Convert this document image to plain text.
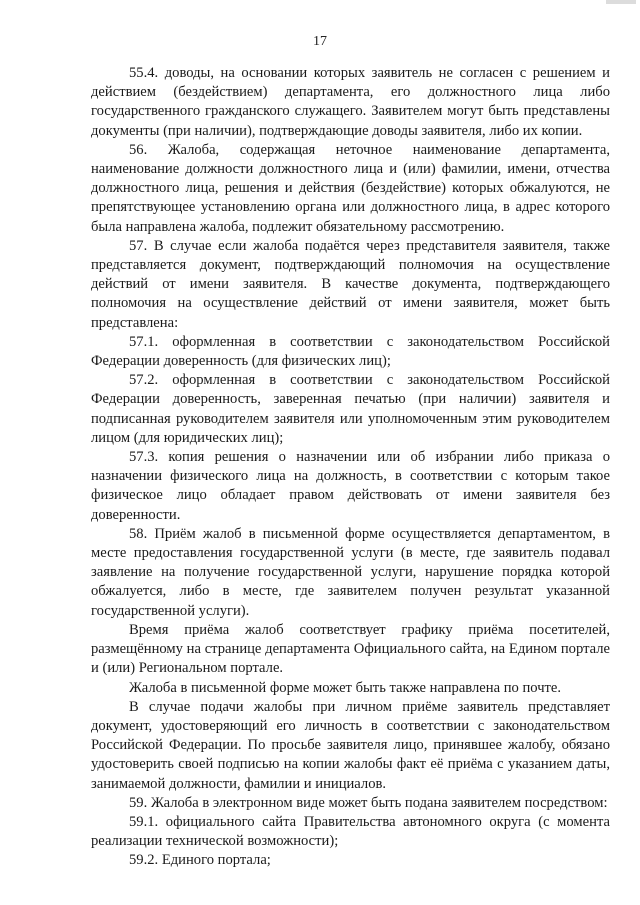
17

55.4. доводы, на основании которых заявитель не согласен с решением и действием (бездействием) департамента, его должностного лица либо государственного гражданского служащего. Заявителем могут быть представлены документы (при наличии), подтверждающие доводы заявителя, либо их копии.

56. Жалоба, содержащая неточное наименование департамента, наименование должности должностного лица и (или) фамилии, имени, отчества должностного лица, решения и действия (бездействие) которых обжалуются, не препятствующее установлению органа или должностного лица, в адрес которого была направлена жалоба, подлежит обязательному рассмотрению.

57. В случае если жалоба подаётся через представителя заявителя, также представляется документ, подтверждающий полномочия на осуществление действий от имени заявителя. В качестве документа, подтверждающего полномочия на осуществление действий от имени заявителя, может быть представлена:

57.1. оформленная в соответствии с законодательством Российской Федерации доверенность (для физических лиц);

57.2. оформленная в соответствии с законодательством Российской Федерации доверенность, заверенная печатью (при наличии) заявителя и подписанная руководителем заявителя или уполномоченным этим руководителем лицом (для юридических лиц);

57.3. копия решения о назначении или об избрании либо приказа о назначении физического лица на должность, в соответствии с которым такое физическое лицо обладает правом действовать от имени заявителя без доверенности.

58. Приём жалоб в письменной форме осуществляется департаментом, в месте предоставления государственной услуги (в месте, где заявитель подавал заявление на получение государственной услуги, нарушение порядка которой обжалуется, либо в месте, где заявителем получен результат указанной государственной услуги).

Время приёма жалоб соответствует графику приёма посетителей, размещённому на странице департамента Официального сайта, на Едином портале и (или) Региональном портале.

Жалоба в письменной форме может быть также направлена по почте.

В случае подачи жалобы при личном приёме заявитель представляет документ, удостоверяющий его личность в соответствии с законодательством Российской Федерации. По просьбе заявителя лицо, принявшее жалобу, обязано удостоверить своей подписью на копии жалобы факт её приёма с указанием даты, занимаемой должности, фамилии и инициалов.

59. Жалоба в электронном виде может быть подана заявителем посредством:

59.1. официального сайта Правительства автономного округа (с момента реализации технической возможности);

59.2. Единого портала;
